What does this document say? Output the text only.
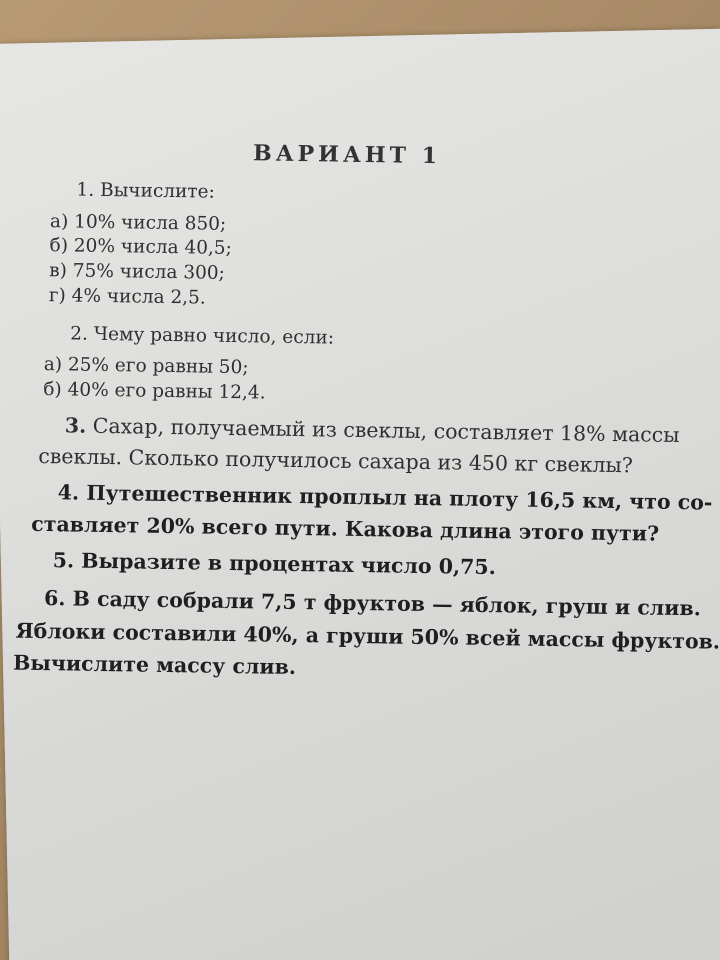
ВАРИАНТ 1
1. Вычислите:
а) 10% числа 850;
б) 20% числа 40,5;
в) 75% числа 300;
г) 4% числа 2,5.
2. Чему равно число, если:
а) 25% его равны 50;
б) 40% его равны 12,4.
3. Сахар, получаемый из свеклы, составляет 18% массы
свеклы. Сколько получилось сахара из 450 кг свеклы?
4. Путешественник проплыл на плоту 16,5 км, что со-
ставляет 20% всего пути. Какова длина этого пути?
5. Выразите в процентах число 0,75.
6. В саду собрали 7,5 т фруктов — яблок, груш и слив.
Яблоки составили 40%, а груши 50% всей массы фруктов.
Вычислите массу слив.
